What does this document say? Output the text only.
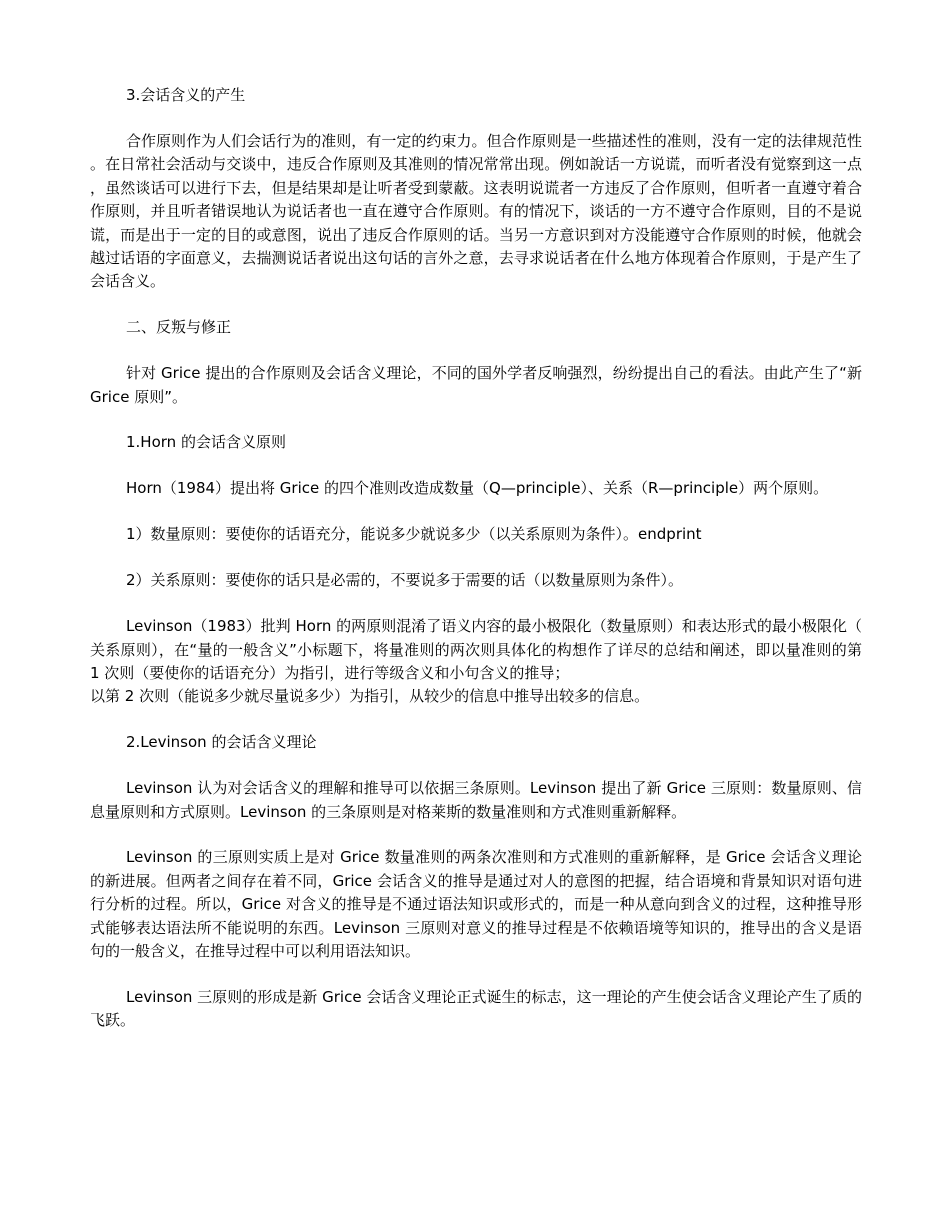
3.会话含义的产生

合作原则作为人们会话行为的准则，有一定的约束力。但合作原则是一些描述性的准则，没有一定的法律规范性。在日常社会活动与交谈中，违反合作原则及其准则的情况常常出现。例如說话一方说谎，而听者没有觉察到这一点，虽然谈话可以进行下去，但是结果却是让听者受到蒙蔽。这表明说谎者一方违反了合作原则，但听者一直遵守着合作原则，并且听者错误地认为说话者也一直在遵守合作原则。有的情况下，谈话的一方不遵守合作原则，目的不是说谎，而是出于一定的目的或意图，说出了违反合作原则的话。当另一方意识到对方没能遵守合作原则的时候，他就会越过话语的字面意义，去揣测说话者说出这句话的言外之意，去寻求说话者在什么地方体现着合作原则，于是产生了会话含义。

二、反叛与修正

针对 Grice 提出的合作原则及会话含义理论，不同的国外学者反响强烈，纷纷提出自己的看法。由此产生了“新 Grice 原则”。

1.Horn 的会话含义原则

Horn（1984）提出将 Grice 的四个准则改造成数量（Q—principle）、关系（R—principle）两个原则。

1）数量原则：要使你的话语充分，能说多少就说多少（以关系原则为条件）。endprint

2）关系原则：要使你的话只是必需的，不要说多于需要的话（以数量原则为条件）。

Levinson（1983）批判 Horn 的两原则混淆了语义内容的最小极限化（数量原则）和表达形式的最小极限化（关系原则），在“量的一般含义”小标题下，将量准则的两次则具体化的构想作了详尽的总结和阐述，即以量准则的第 1 次则（要使你的话语充分）为指引，进行等级含义和小句含义的推导；

以第 2 次则（能说多少就尽量说多少）为指引，从较少的信息中推导出较多的信息。

2.Levinson 的会话含义理论

Levinson 认为对会话含义的理解和推导可以依据三条原则。Levinson 提出了新 Grice 三原则：数量原则、信息量原则和方式原则。Levinson 的三条原则是对格莱斯的数量准则和方式准则重新解释。

Levinson 的三原则实质上是对 Grice 数量准则的两条次准则和方式准则的重新解释，是 Grice 会话含义理论的新进展。但两者之间存在着不同，Grice 会话含义的推导是通过对人的意图的把握，结合语境和背景知识对语句进行分析的过程。所以，Grice 对含义的推导是不通过语法知识或形式的，而是一种从意向到含义的过程，这种推导形式能够表达语法所不能说明的东西。Levinson 三原则对意义的推导过程是不依赖语境等知识的，推导出的含义是语句的一般含义，在推导过程中可以利用语法知识。

Levinson 三原则的形成是新 Grice 会话含义理论正式诞生的标志，这一理论的产生使会话含义理论产生了质的飞跃。
